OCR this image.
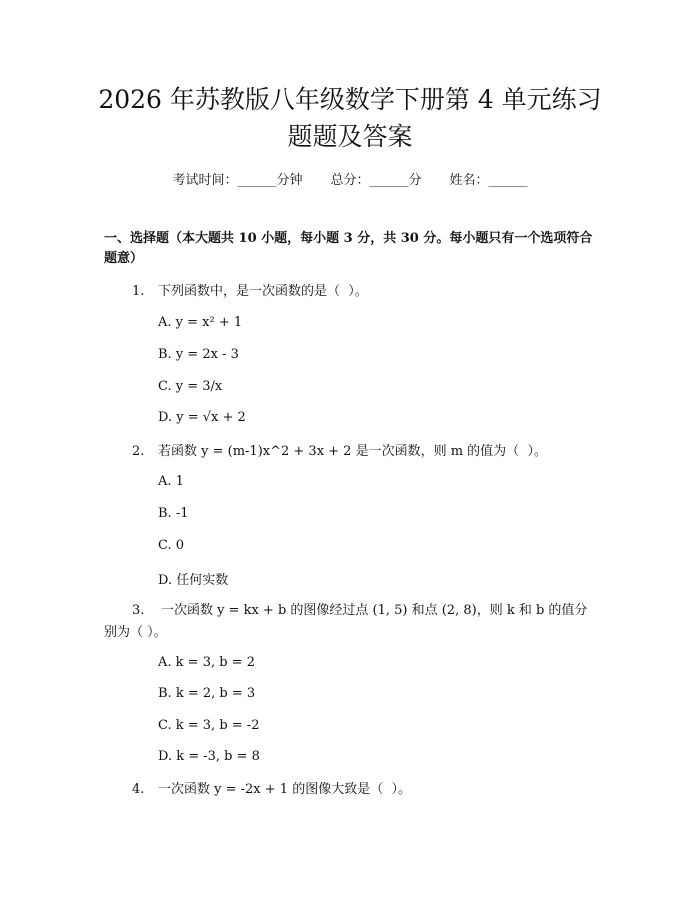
2026 年苏教版八年级数学下册第 4 单元练习
题题及答案
考试时间：______分钟 总分：______分 姓名：______
一、选择题（本大题共 10 小题，每小题 3 分，共 30 分。每小题只有一个选项符合题意）
1. 下列函数中，是一次函数的是（  ）。
A. y = x² + 1
B. y = 2x - 3
C. y = 3/x
D. y = √x + 2
2. 若函数 y = (m-1)x^2 + 3x + 2 是一次函数，则 m 的值为（  ）。
A. 1
B. -1
C. 0
D. 任何实数
3. 一次函数 y = kx + b 的图像经过点 (1, 5) 和点 (2, 8)，则 k 和 b 的值分别为（ ）。
A. k = 3, b = 2
B. k = 2, b = 3
C. k = 3, b = -2
D. k = -3, b = 8
4. 一次函数 y = -2x + 1 的图像大致是（  ）。
